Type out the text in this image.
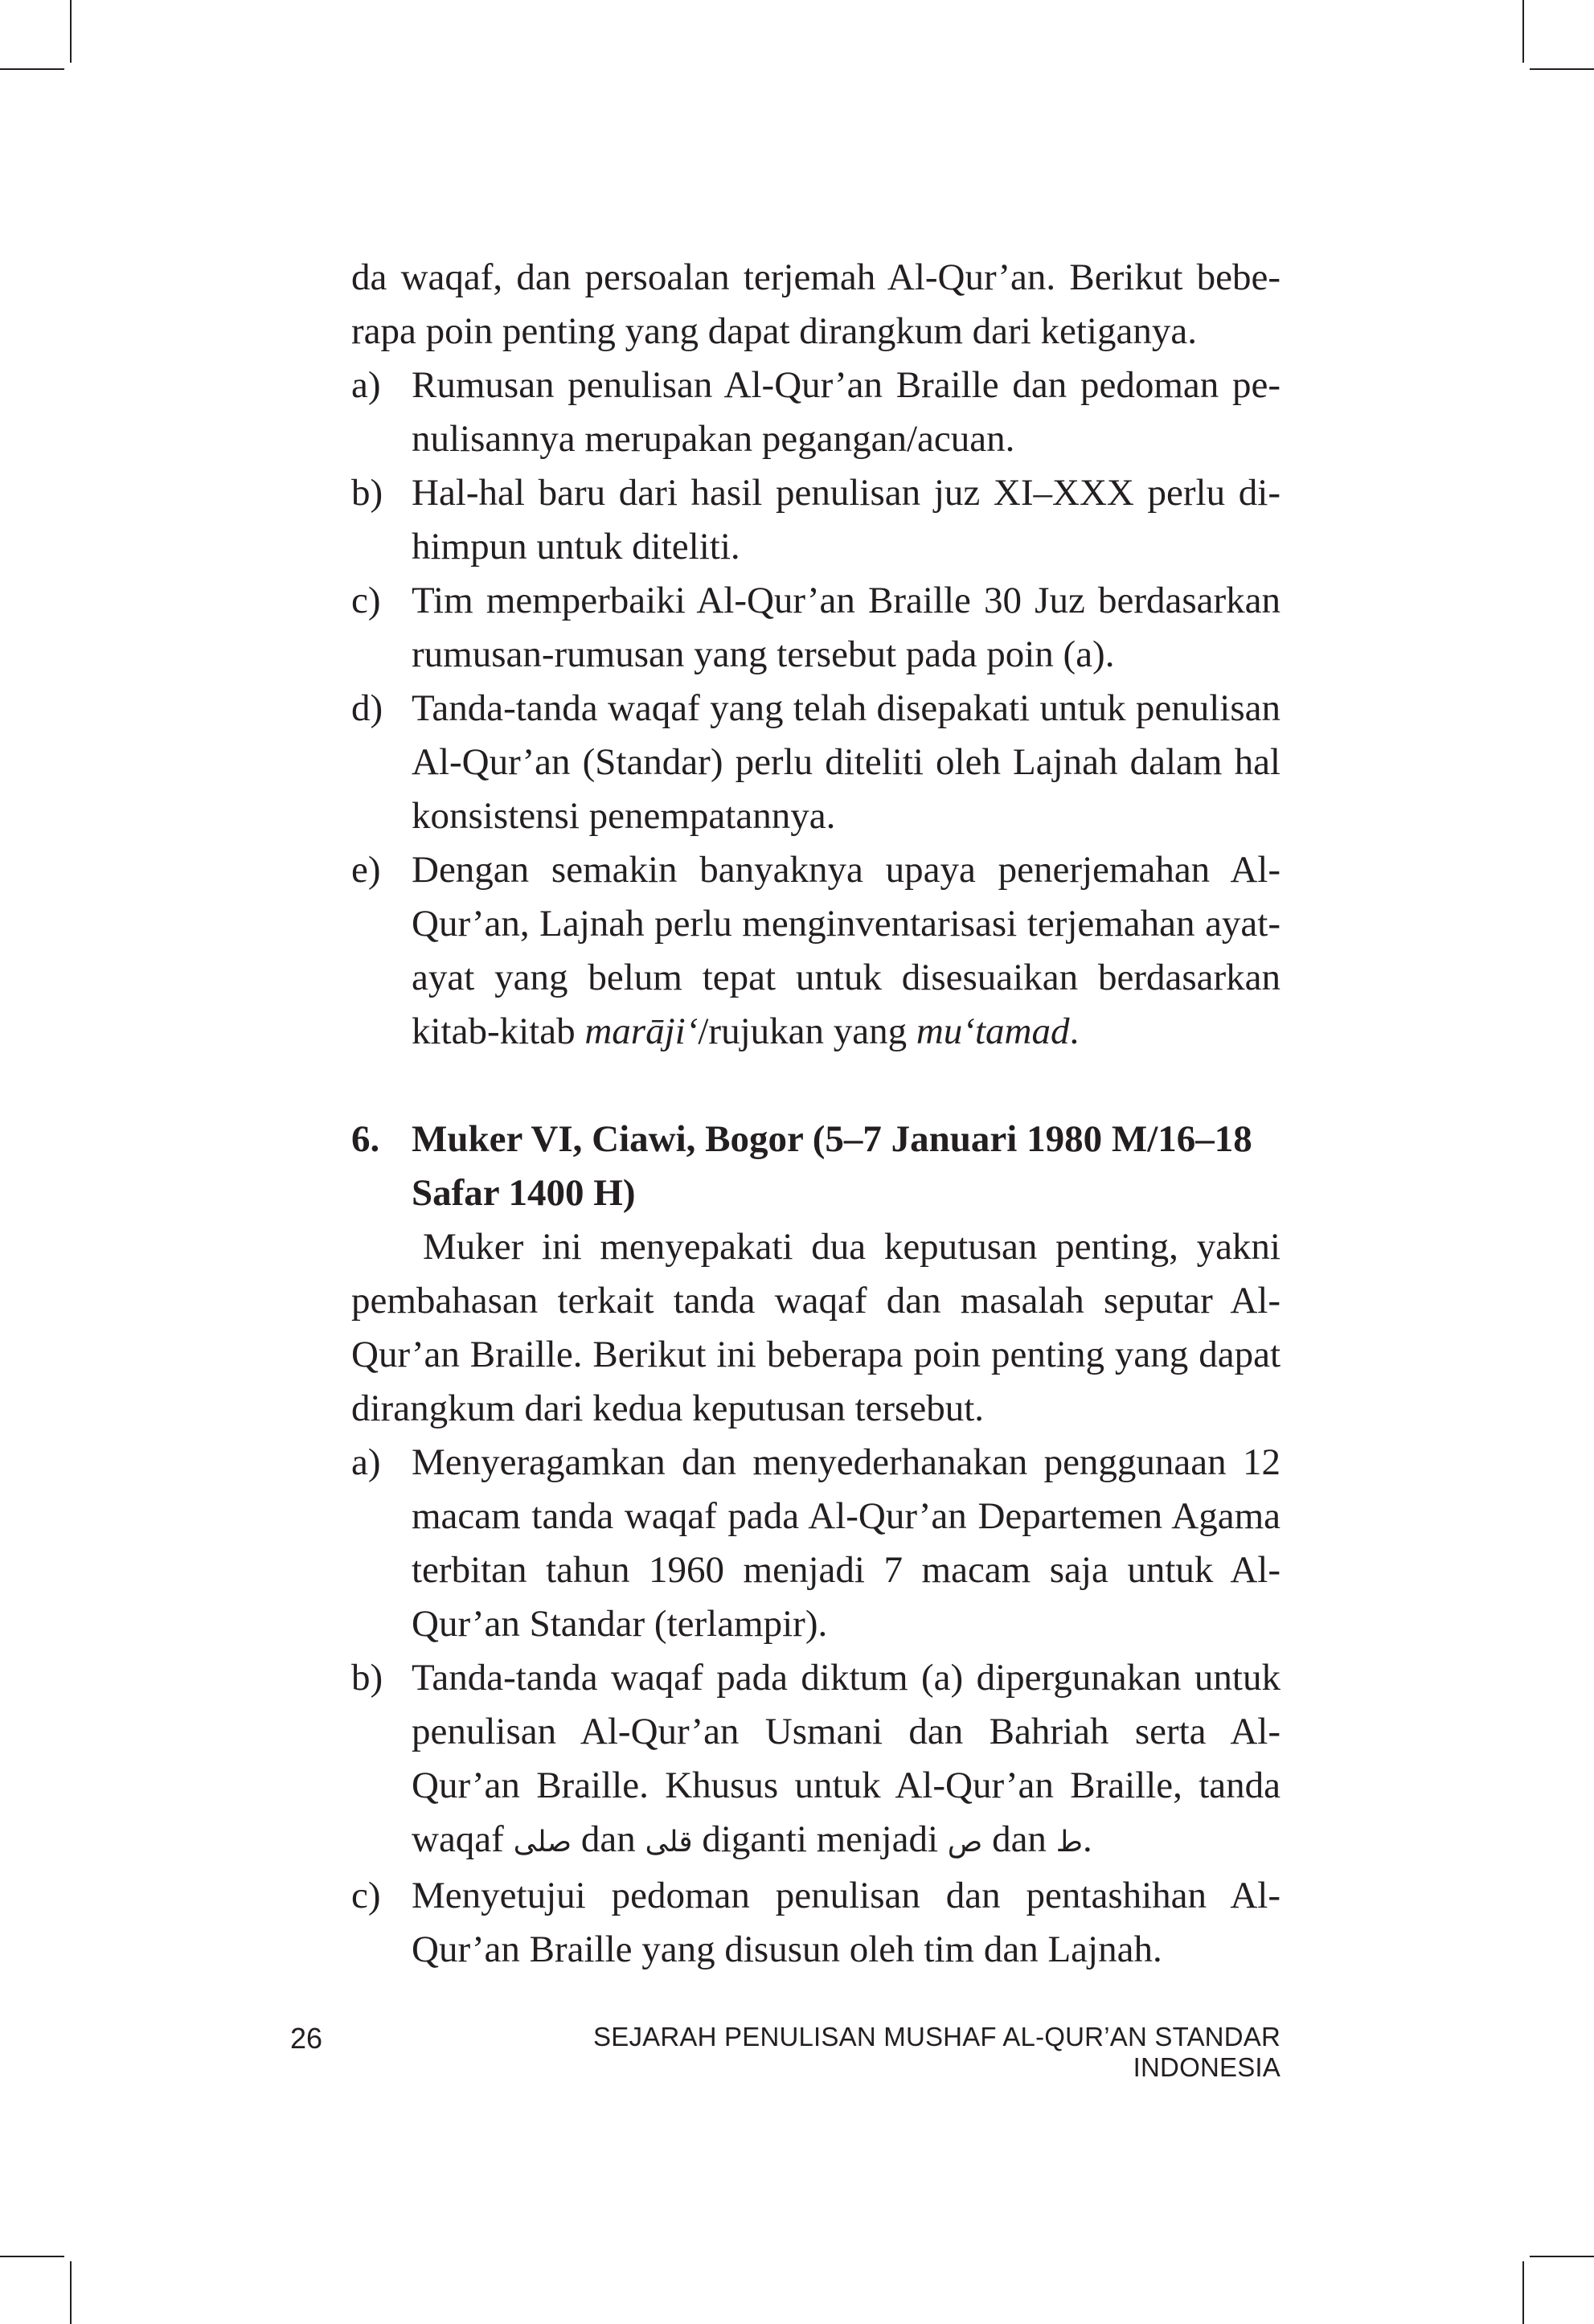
da waqaf, dan persoalan terjemah Al-Qur’an. Berikut bebe-

rapa poin penting yang dapat dirangkum dari ketiganya.

a) Rumusan penulisan Al-Qur’an Braille dan pedoman penulisannya merupakan pegangan/acuan.
b) Hal-hal baru dari hasil penulisan juz XI–XXX perlu dihimpun untuk diteliti.
c) Tim memperbaiki Al-Qur’an Braille 30 Juz berdasarkan rumusan-rumusan yang tersebut pada poin (a).
d) Tanda-tanda waqaf yang telah disepakati untuk penulisan Al-Qur’an (Standar) perlu diteliti oleh Lajnah dalam hal konsistensi penempatannya.
e) Dengan semakin banyaknya upaya penerjemahan Al-Qur’an, Lajnah perlu menginventarisasi terjemahan ayat-ayat yang belum tepat untuk disesuaikan berdasarkan kitab-kitab marāji‘/rujukan yang mu‘tamad.
6. Muker VI, Ciawi, Bogor (5–7 Januari 1980 M/16–18 Safar 1400 H)

Muker ini menyepakati dua keputusan penting, yakni pembahasan terkait tanda waqaf dan masalah seputar Al-Qur’an Braille. Berikut ini beberapa poin penting yang dapat dirangkum dari kedua keputusan tersebut.

a) Menyeragamkan dan menyederhanakan penggunaan 12 macam tanda waqaf pada Al-Qur’an Departemen Agama terbitan tahun 1960 menjadi 7 macam saja untuk Al-Qur’an Standar (terlampir).
b) Tanda-tanda waqaf pada diktum (a) dipergunakan untuk penulisan Al-Qur’an Usmani dan Bahriah serta Al-Qur’an Braille. Khusus untuk Al-Qur’an Braille, tanda waqaf صلى dan قلى diganti menjadi ص dan ط.
c) Menyetujui pedoman penulisan dan pentashihan Al-Qur’an Braille yang disusun oleh tim dan Lajnah.
26	SEJARAH PENULISAN MUSHAF AL-QUR’AN STANDAR INDONESIA
